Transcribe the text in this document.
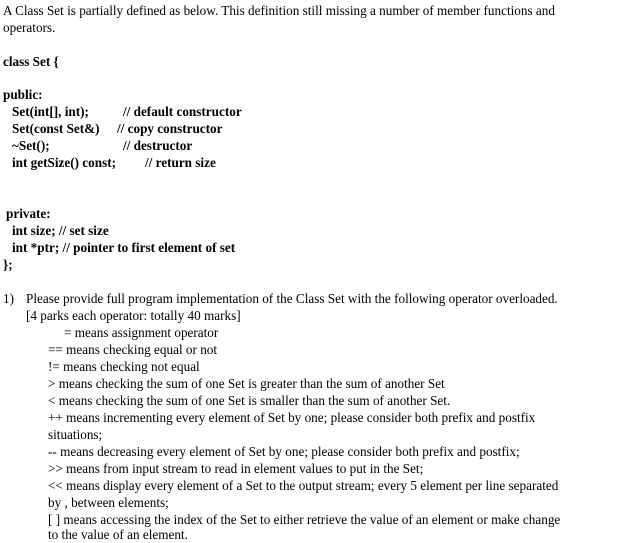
A Class Set is partially defined as below. This definition still missing a number of member functions and
operators.
class Set {
public:
Set(int[], int);	// default constructor
Set(const Set&) // copy constructor
~Set();	// destructor
int getSize() const; // return size
private:
int size; // set size
int *ptr; // pointer to first element of set
};
1) Please provide full program implementation of the Class Set with the following operator overloaded.
[4 parks each operator: totally 40 marks]
= means assignment operator
== means checking equal or not
!= means checking not equal
> means checking the sum of one Set is greater than the sum of another Set
< means checking the sum of one Set is smaller than the sum of another Set.
++ means incrementing every element of Set by one; please consider both prefix and postfix
situations;
-- means decreasing every element of Set by one; please consider both prefix and postfix;
>> means from input stream to read in element values to put in the Set;
<< means display every element of a Set to the output stream; every 5 element per line separated
by , between elements;
[ ] means accessing the index of the Set to either retrieve the value of an element or make change
to the value of an element.
